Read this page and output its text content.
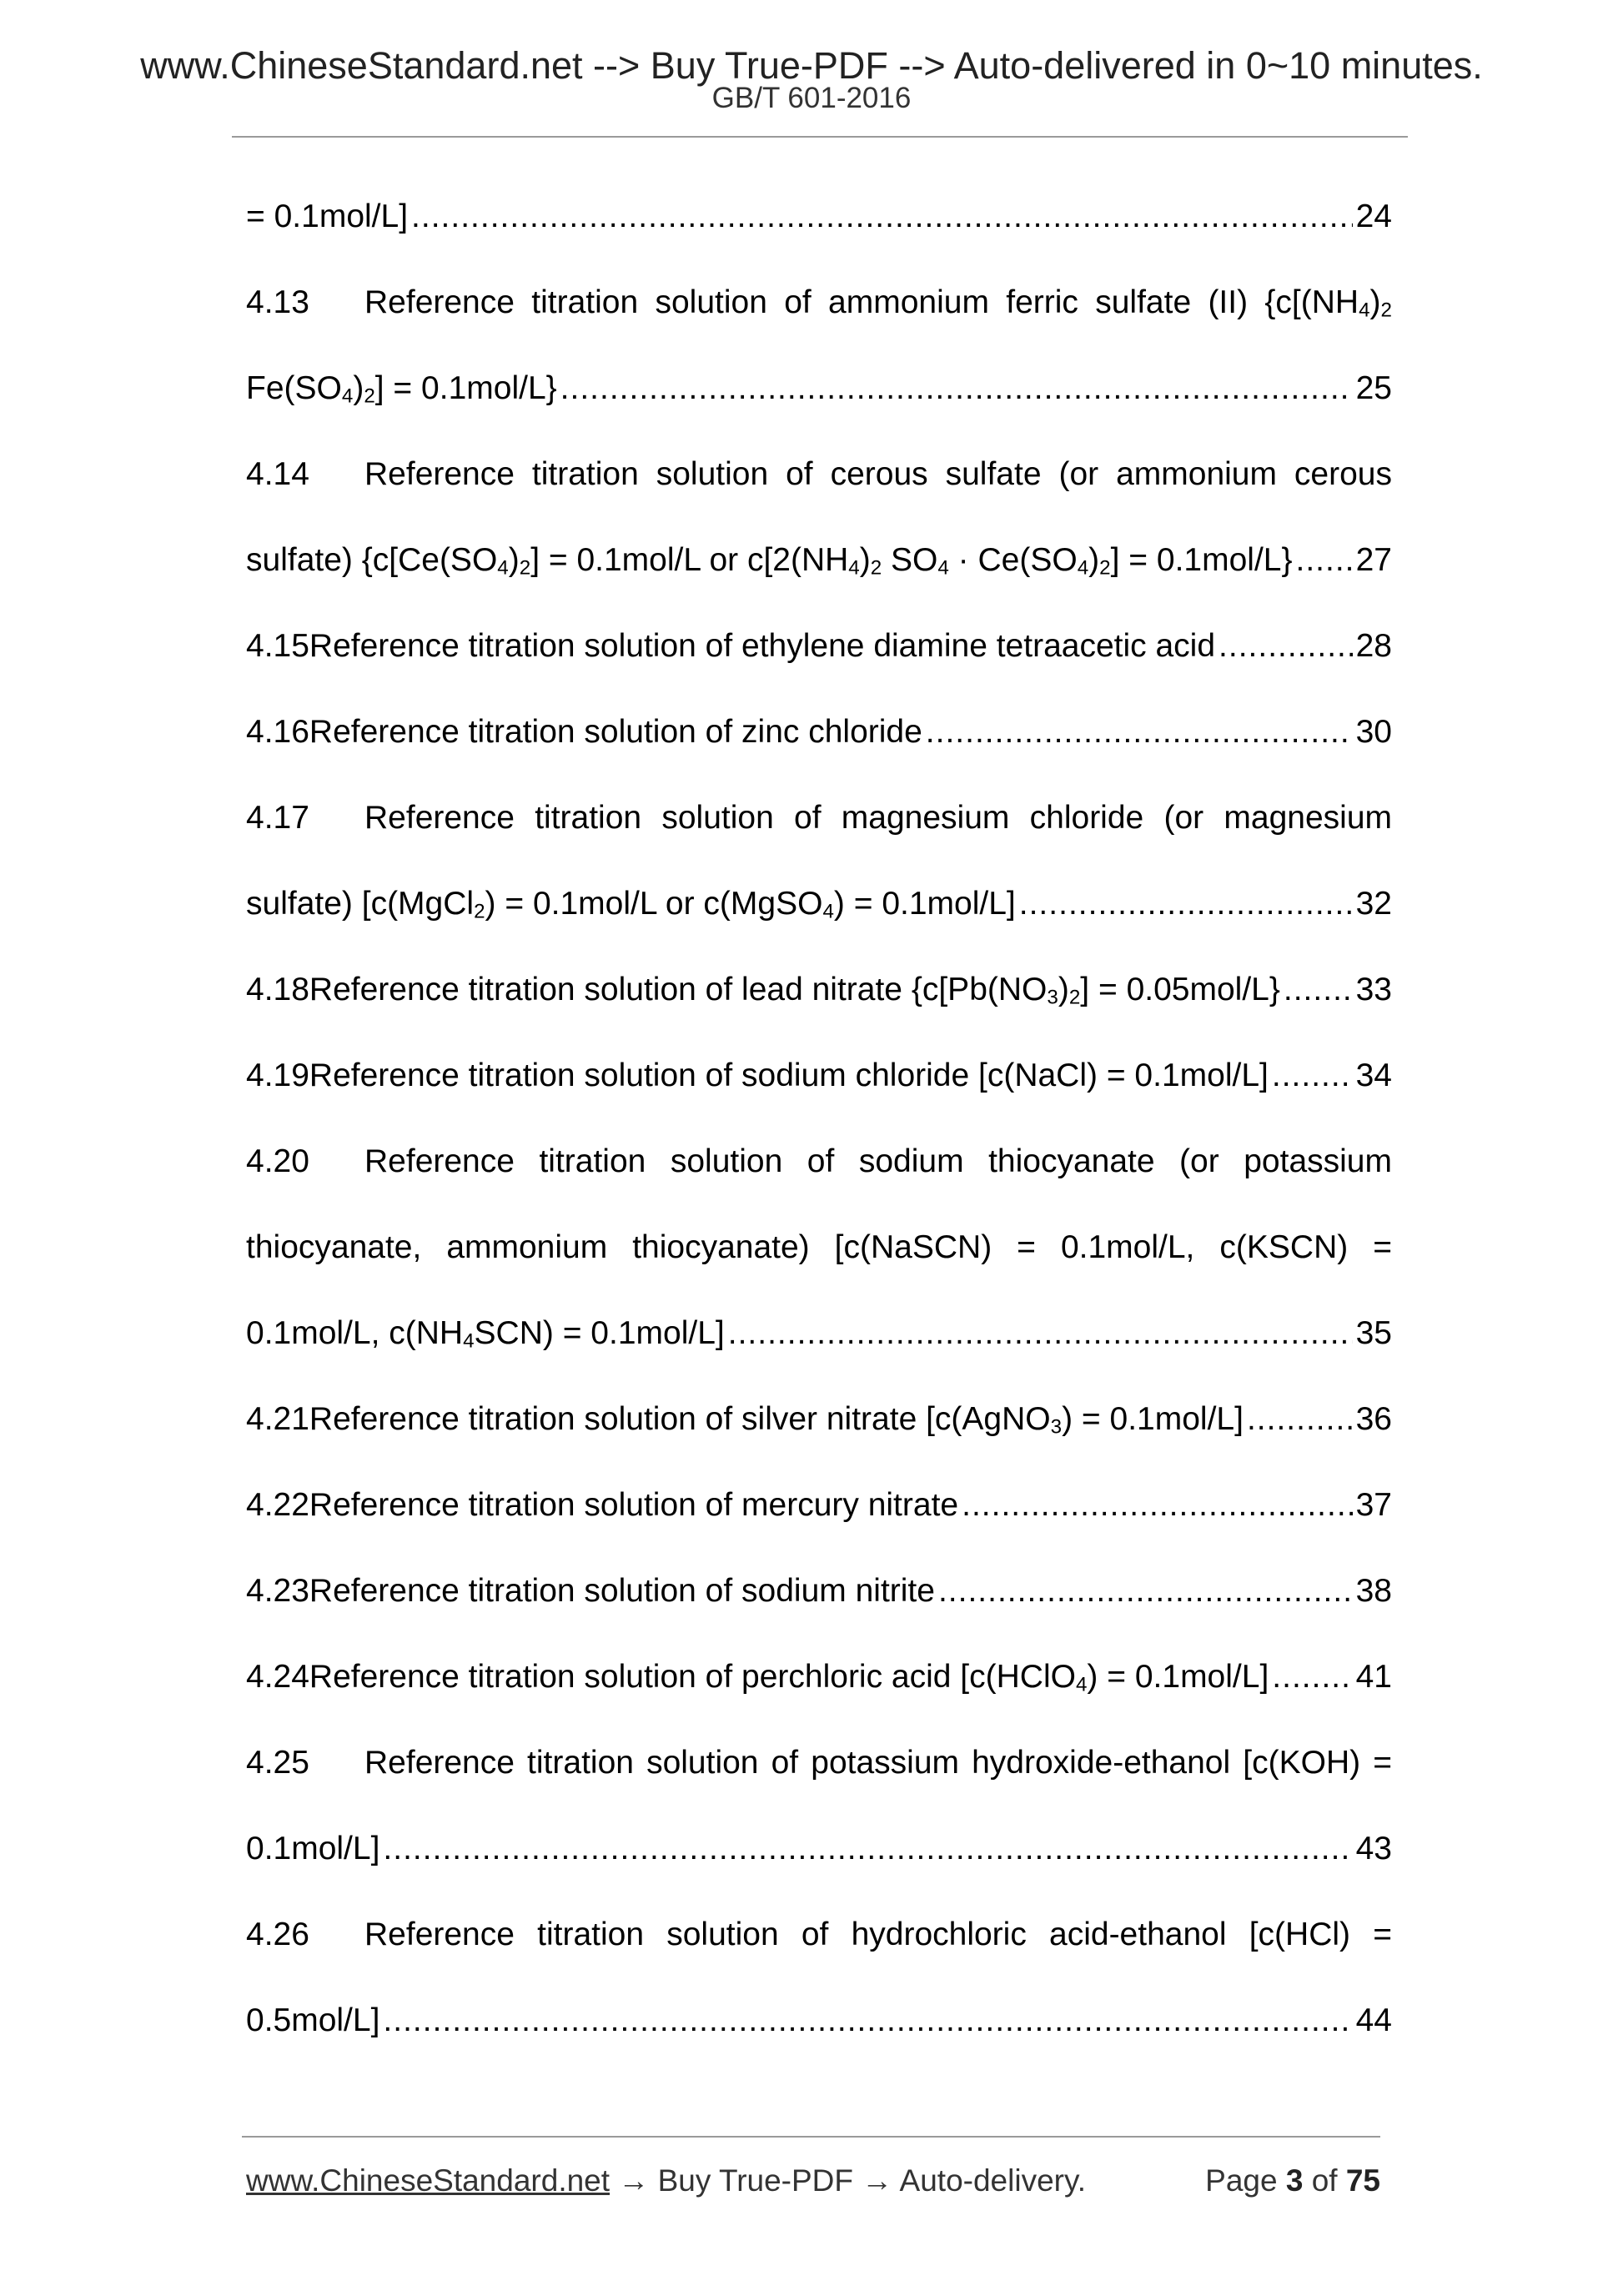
www.ChineseStandard.net --> Buy True-PDF --> Auto-delivered in 0~10 minutes.
GB/T 601-2016
= 0.1mol/L] .....	24
4.13 Reference titration solution of ammonium ferric sulfate (II) {$c[(NH_4)_2$
$Fe(SO_4)_2] = 0.1mol/L$} .....	25
4.14 Reference titration solution of cerous sulfate (or ammonium cerous
sulfate) {$c[Ce(SO_4)_2] = 0.1mol/L$ or $c[2(NH_4)_2$ $SO_4 \cdot Ce(SO_4)_2] = 0.1mol/L$} ..... 27
4.15 Reference titration solution of ethylene diamine tetraacetic acid .....	28
4.16 Reference titration solution of zinc chloride .....	30
4.17 Reference titration solution of magnesium chloride (or magnesium
sulfate) [c(MgCl$_2$) = 0.1mol/L or c(MgSO$_4$) = 0.1mol/L] .....	32
4.18 Reference titration solution of lead nitrate $\{c[Pb(NO_3)_2] = 0.05mol/L\}$ ..... 33
4.19 Reference titration solution of sodium chloride [c(NaCl) = 0.1mol/L] .....	34
4.20 Reference titration solution of sodium thiocyanate (or potassium
thiocyanate, ammonium thiocyanate) [c(NaSCN) = 0.1mol/L, c(KSCN) =
0.1mol/L, $c(NH_4SCN) = 0.1mol/L$] .....	35
4.21 Reference titration solution of silver nitrate [c(AgNO$_3$) = 0.1mol/L] .....	36
4.22 Reference titration solution of mercury nitrate .....	37
4.23 Reference titration solution of sodium nitrite .....	38
4.24 Reference titration solution of perchloric acid [c(HClO$_4$) = 0.1mol/L] .....	41
4.25 Reference titration solution of potassium hydroxide-ethanol [c(KOH) =
0.1mol/L] .....	43
4.26 Reference titration solution of hydrochloric acid-ethanol [c(HCl) =
0.5mol/L] .....	44
www.ChineseStandard.net → Buy True-PDF → Auto-delivery.	Page 3 of 75
